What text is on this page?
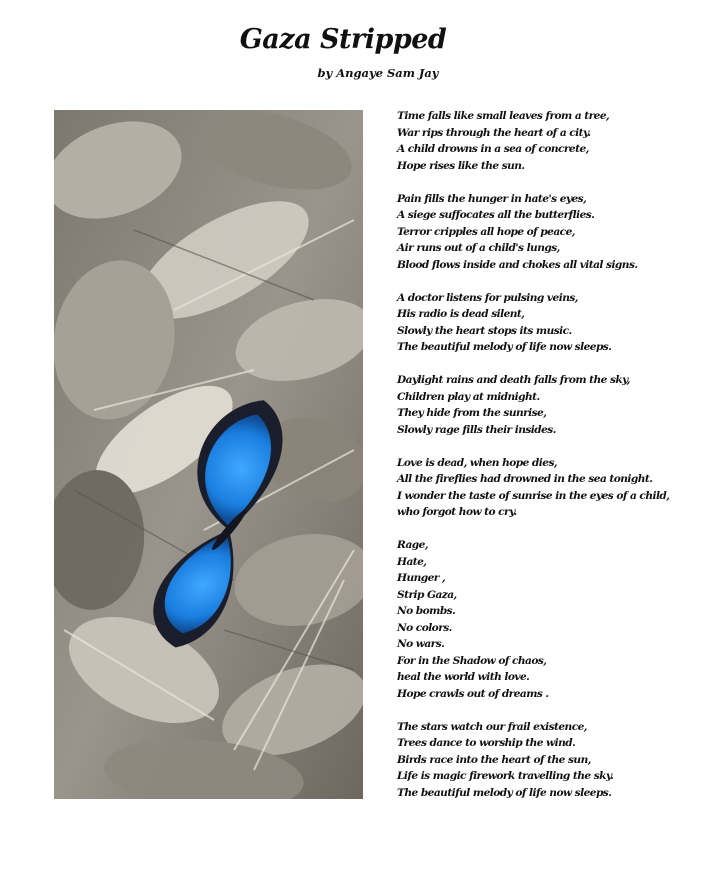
Gaza Stripped

by Angaye Sam Jay

Time falls like small leaves from a tree,
War rips through the heart of a city.
A child drowns in a sea of concrete,
Hope rises like the sun.
Pain fills the hunger in hate's eyes,
A siege suffocates all the butterflies.
Terror cripples all hope of peace,
Air runs out of a child's lungs,
Blood flows inside and chokes all vital signs.
A doctor listens for pulsing veins,
His radio is dead silent,
Slowly the heart stops its music.
The beautiful melody of life now sleeps.
Daylight rains and death falls from the sky,
Children play at midnight.
They hide from the sunrise,
Slowly rage fills their insides.
Love is dead, when hope dies,
All the fireflies had drowned in the sea tonight.
I wonder the taste of sunrise in the eyes of a child,
who forgot how to cry.
Rage,
Hate,
Hunger ,
Strip Gaza,
No bombs.
No colors.
No wars.
For in the Shadow of chaos,
heal the world with love.
Hope crawls out of dreams .
The stars watch our frail existence,
Trees dance to worship the wind.
Birds race into the heart of the sun,
Life is magic firework travelling the sky.
The beautiful melody of life now sleeps.
